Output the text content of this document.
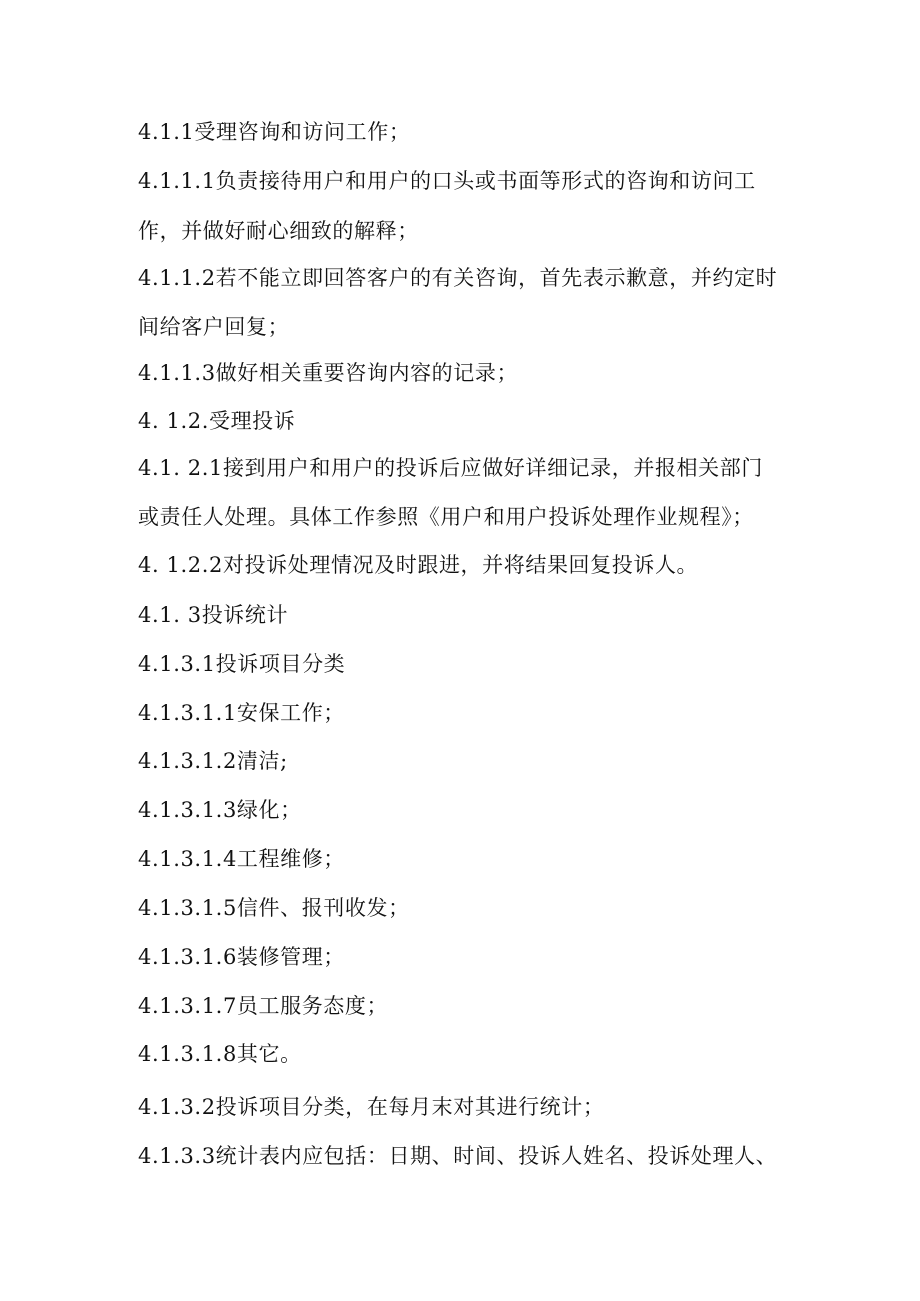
4.1.1受理咨询和访问工作；
4.1.1.1负责接待用户和用户的口头或书面等形式的咨询和访问工
作，并做好耐心细致的解释；
4.1.1.2若不能立即回答客户的有关咨询，首先表示歉意，并约定时
间给客户回复；
4.1.1.3做好相关重要咨询内容的记录；
4. 1.2.受理投诉
4.1. 2.1接到用户和用户的投诉后应做好详细记录，并报相关部门
或责任人处理。具体工作参照《用户和用户投诉处理作业规程》；
4. 1.2.2对投诉处理情况及时跟进，并将结果回复投诉人。
4.1. 3投诉统计
4.1.3.1投诉项目分类
4.1.3.1.1安保工作；
4.1.3.1.2清洁;
4.1.3.1.3绿化；
4.1.3.1.4工程维修；
4.1.3.1.5信件、报刊收发；
4.1.3.1.6装修管理；
4.1.3.1.7员工服务态度；
4.1.3.1.8其它。
4.1.3.2投诉项目分类，在每月末对其进行统计；
4.1.3.3统计表内应包括：日期、时间、投诉人姓名、投诉处理人、
